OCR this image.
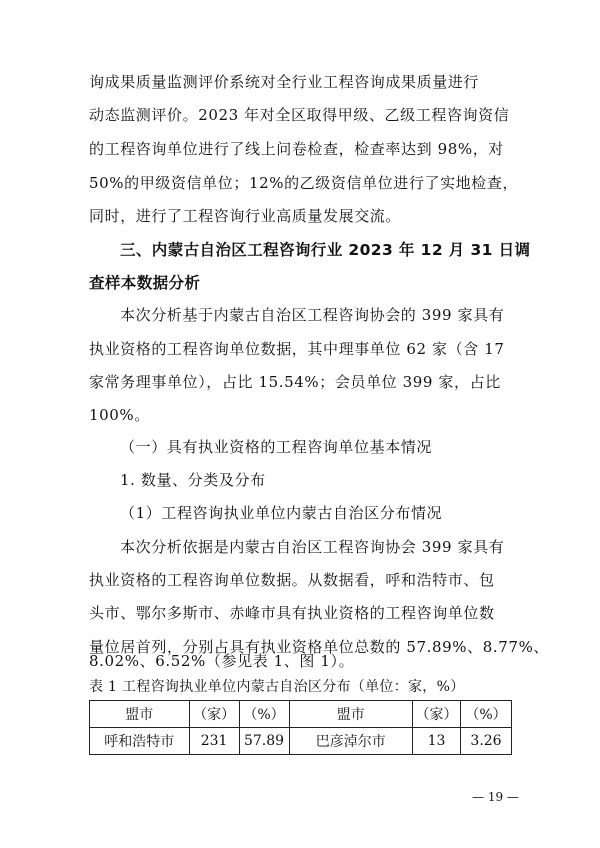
询成果质量监测评价系统对全行业工程咨询成果质量进行
动态监测评价。2023 年对全区取得甲级、乙级工程咨询资信
的工程咨询单位进行了线上问卷检查，检查率达到 98%，对
50%的甲级资信单位；12%的乙级资信单位进行了实地检查，
同时，进行了工程咨询行业高质量发展交流。
三、内蒙古自治区工程咨询行业 2023 年 12 月 31 日调
查样本数据分析
本次分析基于内蒙古自治区工程咨询协会的 399 家具有
执业资格的工程咨询单位数据，其中理事单位 62 家（含 17
家常务理事单位），占比 15.54%；会员单位 399 家，占比
100%。
（一）具有执业资格的工程咨询单位基本情况
1. 数量、分类及分布
（1）工程咨询执业单位内蒙古自治区分布情况
本次分析依据是内蒙古自治区工程咨询协会 399 家具有
执业资格的工程咨询单位数据。从数据看，呼和浩特市、包
头市、鄂尔多斯市、赤峰市具有执业资格的工程咨询单位数
量位居首列，分别占具有执业资格单位总数的 57.89%、8.77%、
8.02%、6.52%（参见表 1、图 1）。
表 1 工程咨询执业单位内蒙古自治区分布（单位：家，%）
盟市	（家）	（%）	盟市	（家）	（%）
呼和浩特市	231	57.89	巴彦淖尔市	13	3.26
— 19 —
